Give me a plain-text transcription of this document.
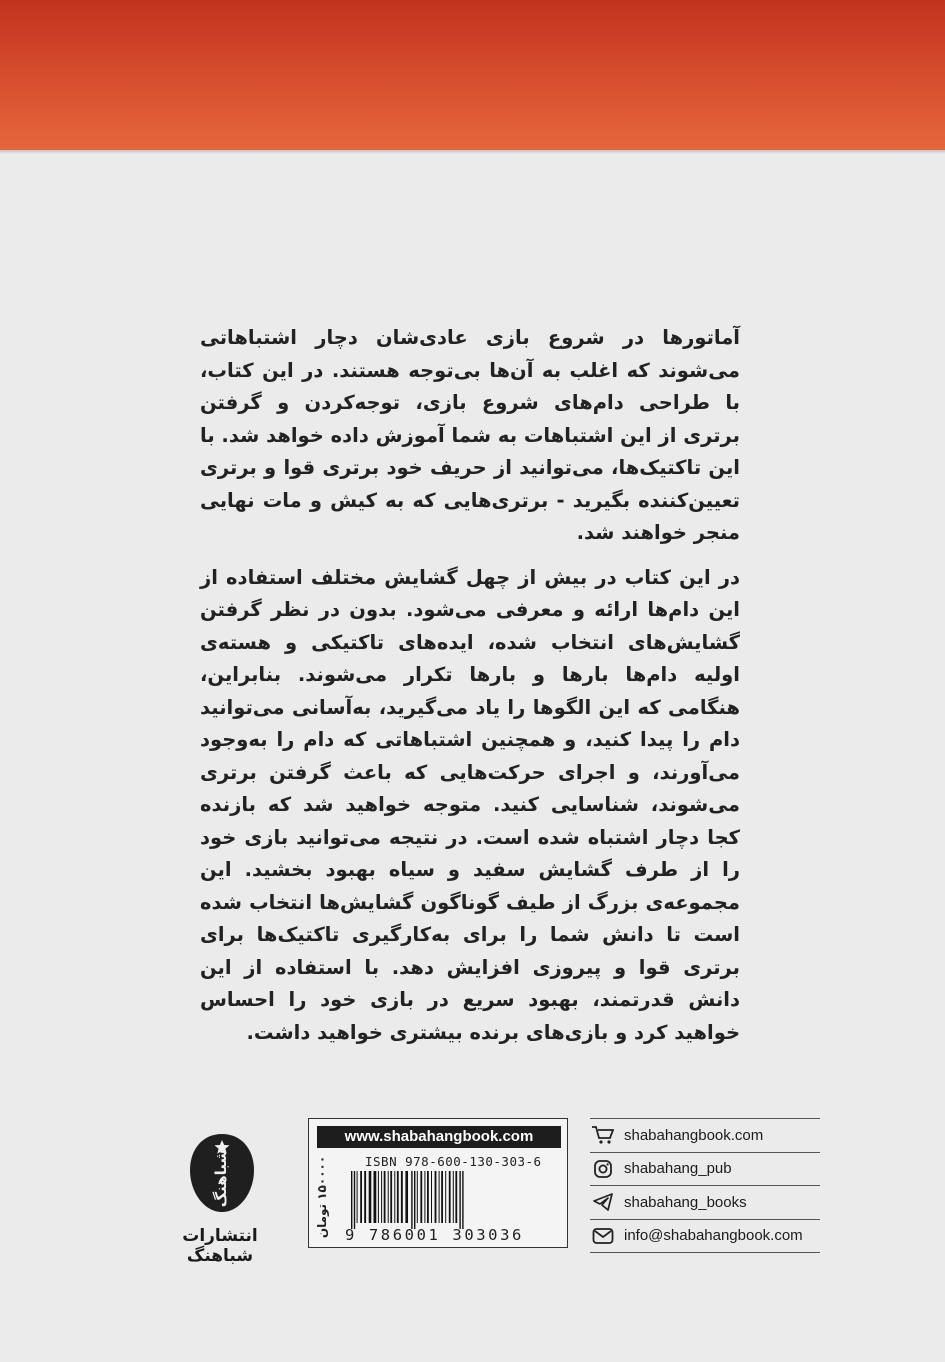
آماتورها در شروع بازی عادی‌شان دچار اشتباهاتی می‌شوند که اغلب به آن‌ها بی‌توجه هستند. در این کتاب، با طراحی دام‌های شروع بازی، توجه‌کردن و گرفتن برتری از این اشتباهات به شما آموزش داده خواهد شد. با این تاکتیک‌ها، می‌توانید از حریف خود برتری قوا و برتری تعیین‌کننده بگیرید - برتری‌هایی که به کیش و مات نهایی منجر خواهند شد.

در این کتاب در بیش از چهل گشایش مختلف استفاده از این دام‌ها ارائه و معرفی می‌شود. بدون در نظر گرفتن گشایش‌های انتخاب شده، ایده‌های تاکتیکی و هسته‌ی اولیه دام‌ها بارها و بارها تکرار می‌شوند. بنابراین، هنگامی که این الگوها را یاد می‌گیرید، به‌آسانی می‌توانید دام را پیدا کنید، و همچنین اشتباهاتی که دام را به‌وجود می‌آورند، و اجرای حرکت‌هایی که باعث گرفتن برتری می‌شوند، شناسایی کنید. متوجه خواهید شد که بازنده کجا دچار اشتباه شده است. در نتیجه می‌توانید بازی خود را از طرف گشایش سفید و سیاه بهبود بخشید. این مجموعه‌ی بزرگ از طیف گوناگون گشایش‌ها انتخاب شده است تا دانش شما را برای به‌کارگیری تاکتیک‌ها برای برتری قوا و پیروزی افزایش دهد. با استفاده از این دانش قدرتمند، بهبود سریع در بازی خود را احساس خواهید کرد و بازی‌های برنده بیشتری خواهید داشت.

shabahangbook.com
shabahang_pub
shabahang_books
info@shabahangbook.com
www.shabahangbook.com
ISBN 978-600-130-303-6
9 786001 303036
۱۵۰۰۰۰ تومان
شباهنگ
انتشارات شباهنگ
